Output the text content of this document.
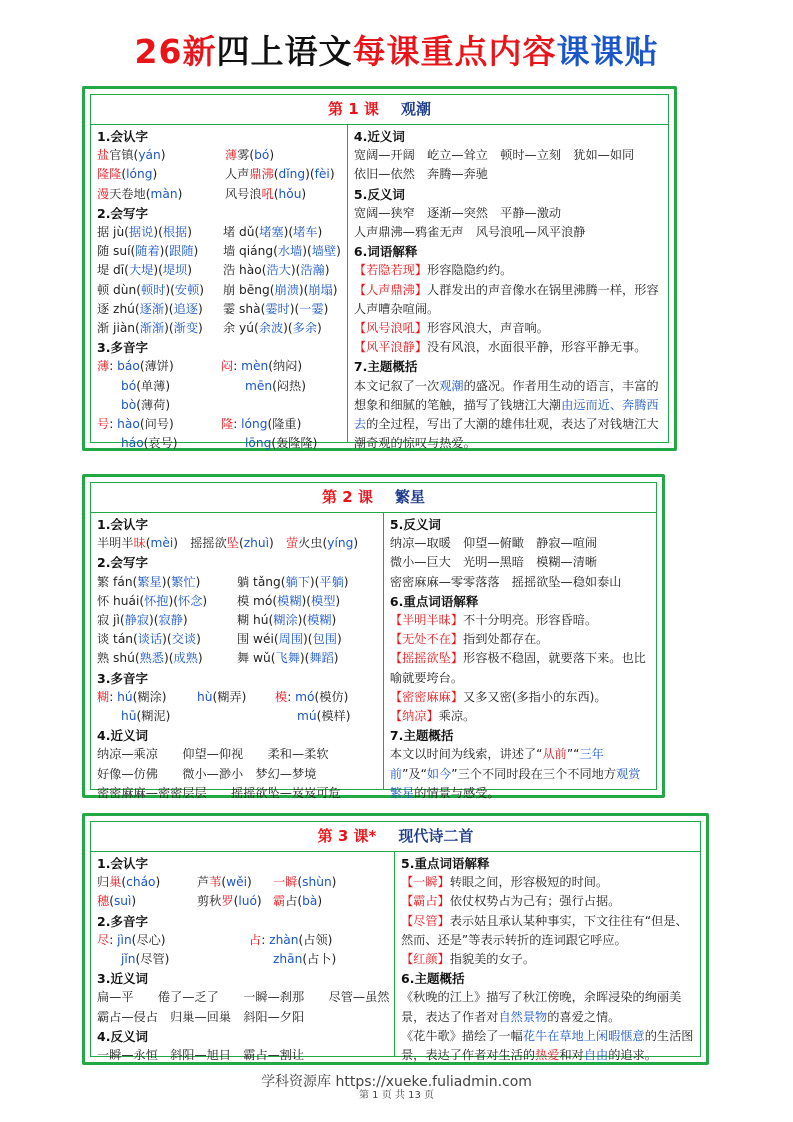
26新四上语文每课重点内容课课贴
第 1 课 观潮
1.会认字
盐官镇(yán)	薄雾(bó)
隆隆(lóng)	人声鼎沸(dǐng)(fèi)
漫天卷地(màn)	风号浪吼(hǒu)
2.会写字
据 jù(据说)(根据)	堵 dǔ(堵塞)(堵车)
随 suí(随着)(跟随)	墙 qiáng(水墙)(墙壁)
堤 dī(大堤)(堤坝)	浩 hào(浩大)(浩瀚)
顿 dùn(顿时)(安顿)	崩 bēng(崩溃)(崩塌)
逐 zhú(逐渐)(追逐)	霎 shà(霎时)(一霎)
渐 jiàn(渐渐)(渐变)	余 yú(余波)(多余)
3.多音字
薄: báo(薄饼)	闷: mèn(纳闷)
bó(单薄)	mēn(闷热)
bò(薄荷)
号: hào(问号)	隆: lóng(隆重)
háo(哀号)	lōng(轰隆隆)
4.近义词
宽阔—开阔　屹立—耸立　顿时—立刻　犹如—如同
依旧—依然　奔腾—奔驰
5.反义词
宽阔—狭窄　逐渐—突然　平静—激动
人声鼎沸—鸦雀无声　风号浪吼—风平浪静
6.词语解释
【若隐若现】形容隐隐约约。
【人声鼎沸】人群发出的声音像水在锅里沸腾一样，形容人声嘈杂喧闹。
【风号浪吼】形容风浪大，声音响。
【风平浪静】没有风浪，水面很平静，形容平静无事。
7.主题概括
本文记叙了一次观潮的盛况。作者用生动的语言，丰富的想象和细腻的笔触，描写了钱塘江大潮由远而近、奔腾西去的全过程，写出了大潮的雄伟壮观，表达了对钱塘江大潮奇观的惊叹与热爱。
第 2 课 繁星
1.会认字
半明半 昧 ( mèi )　摇摇欲 坠 ( zhuì )　 萤 火虫( yíng )
2.会写字
繁 fán(繁星)(繁忙)	躺 tǎng(躺下)(平躺)
怀 huái(怀抱)(怀念)	模 mó(模糊)(模型)
寂 jì(静寂)(寂静)	糊 hú(糊涂)(模糊)
谈 tán(谈话)(交谈)	围 wéi(周围)(包围)
熟 shú(熟悉)(成熟)	舞 wǔ(飞舞)(舞蹈)
3.多音字
糊: hú(糊涂)	hù(糊弄)	模: mó(模仿)
hū(糊泥)	mú(模样)
4.近义词
纳凉—乘凉　　仰望—仰视　　柔和—柔软
好像—仿佛　　微小—渺小　梦幻—梦境
密密麻麻—密密层层　　摇摇欲坠—岌岌可危
5.反义词
纳凉—取暖　仰望—俯瞰　静寂—喧闹
微小—巨大　光明—黑暗　模糊—清晰
密密麻麻—零零落落　摇摇欲坠—稳如泰山
6.重点词语解释
【半明半昧】不十分明亮。形容昏暗。
【无处不在】指到处都存在。
【摇摇欲坠】形容极不稳固，就要落下来。也比喻就要垮台。
【密密麻麻】又多又密(多指小的东西)。
【纳凉】乘凉。
7.主题概括
本文以时间为线索，讲述了“从前”“三年前”及“如今”三个不同时段在三个不同地方观赏繁星的情景与感受。
第 3 课* 现代诗二首
1.会认字
归巢(cháo)	芦苇(wěi)	一瞬(shùn)
穗(suì)	剪秋罗(luó) 霸占(bà)
2.多音字
尽: jìn(尽心)	占: zhàn(占领)
jǐn(尽管)	zhān(占卜)
3.近义词
扁—平　　倦了—乏了　　一瞬—刹那　　尽管—虽然
霸占—侵占　归巢—回巢　斜阳—夕阳
4.反义词
一瞬—永恒　斜阳—旭日　霸占—割让
5.重点词语解释
【一瞬】转眼之间，形容极短的时间。
【霸占】依仗权势占为己有；强行占据。
【尽管】表示姑且承认某种事实，下文往往有“但是、然而、还是”等表示转折的连词跟它呼应。
【红颜】指貌美的女子。
6.主题概括
《秋晚的江上》描写了秋江傍晚，余晖浸染的绚丽美景，表达了作者对自然景物的喜爱之情。
《花牛歌》描绘了一幅花牛在草地上闲暇惬意的生活图景，表达了作者对生活的热爱和对自由的追求。
学科资源库 https://xueke.fuliadmin.com
第 1 页 共 13 页
